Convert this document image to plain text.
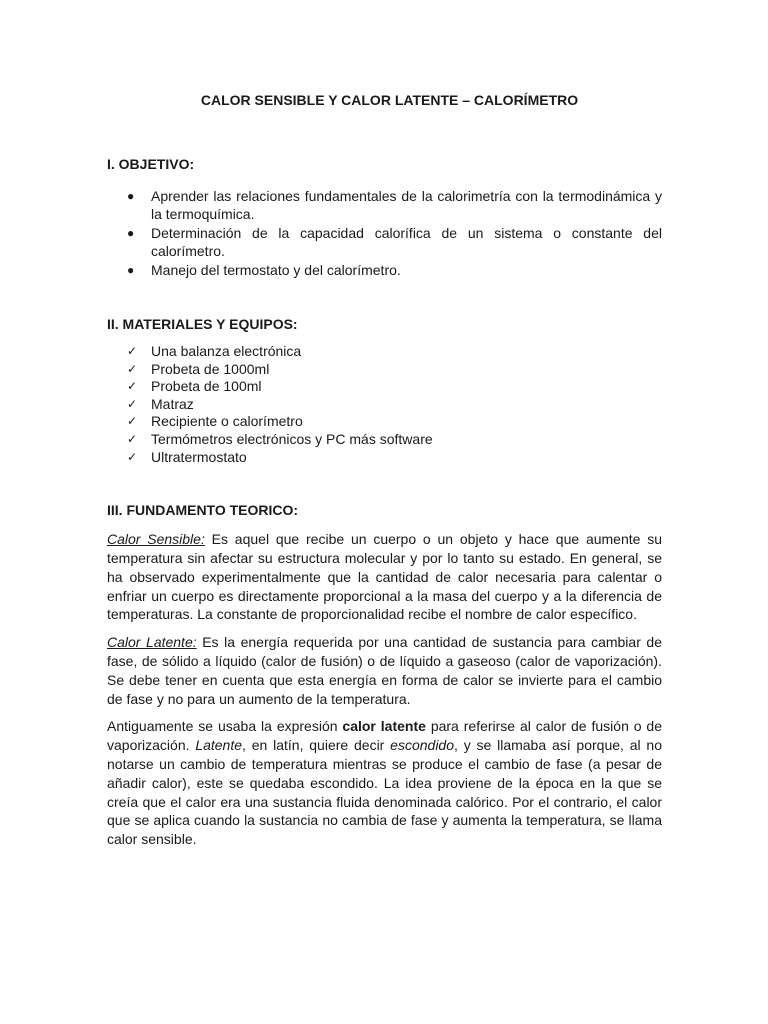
CALOR SENSIBLE Y CALOR LATENTE – CALORÍMETRO
I. OBJETIVO:
● Aprender las relaciones fundamentales de la calorimetría con la termodinámica y la termoquímica.
● Determinación de la capacidad calorífica de un sistema o constante del calorímetro.
● Manejo del termostato y del calorímetro.
II. MATERIALES Y EQUIPOS:
✓ Una balanza electrónica
✓ Probeta de 1000ml
✓ Probeta de 100ml
✓ Matraz
✓ Recipiente o calorímetro
✓ Termómetros electrónicos y PC más software
✓ Ultratermostato
III. FUNDAMENTO TEORICO:

Calor Sensible: Es aquel que recibe un cuerpo o un objeto y hace que aumente su temperatura sin afectar su estructura molecular y por lo tanto su estado. En general, se ha observado experimentalmente que la cantidad de calor necesaria para calentar o enfriar un cuerpo es directamente proporcional a la masa del cuerpo y a la diferencia de temperaturas. La constante de proporcionalidad recibe el nombre de calor específico.

Calor Latente: Es la energía requerida por una cantidad de sustancia para cambiar de fase, de sólido a líquido (calor de fusión) o de líquido a gaseoso (calor de vaporización). Se debe tener en cuenta que esta energía en forma de calor se invierte para el cambio de fase y no para un aumento de la temperatura.

Antiguamente se usaba la expresión calor latente para referirse al calor de fusión o de vaporización. Latente, en latín, quiere decir escondido, y se llamaba así porque, al no notarse un cambio de temperatura mientras se produce el cambio de fase (a pesar de añadir calor), este se quedaba escondido. La idea proviene de la época en la que se creía que el calor era una sustancia fluida denominada calórico. Por el contrario, el calor que se aplica cuando la sustancia no cambia de fase y aumenta la temperatura, se llama calor sensible.
